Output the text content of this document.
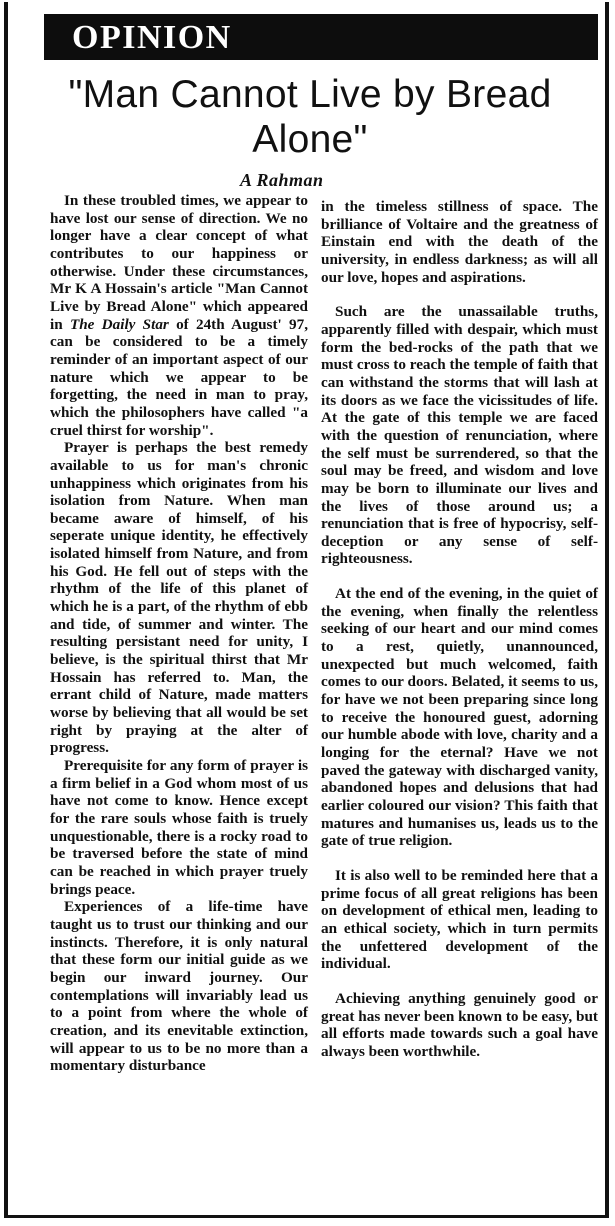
OPINION
"Man Cannot Live by Bread Alone"
A Rahman

In these troubled times, we appear to have lost our sense of direction. We no longer have a clear concept of what contributes to our happiness or otherwise. Under these circumstances, Mr K A Hossain's article "Man Cannot Live by Bread Alone" which appeared in The Daily Star of 24th August' 97, can be considered to be a timely reminder of an important aspect of our nature which we appear to be forgetting, the need in man to pray, which the philosophers have called "a cruel thirst for worship".

Prayer is perhaps the best remedy available to us for man's chronic unhappiness which originates from his isolation from Nature. When man became aware of himself, of his seperate unique identity, he effectively isolated himself from Nature, and from his God. He fell out of steps with the rhythm of the life of this planet of which he is a part, of the rhythm of ebb and tide, of summer and winter. The resulting persistant need for unity, I believe, is the spiritual thirst that Mr Hossain has referred to. Man, the errant child of Nature, made matters worse by believing that all would be set right by praying at the alter of progress.

Prerequisite for any form of prayer is a firm belief in a God whom most of us have not come to know. Hence except for the rare souls whose faith is truely unquestionable, there is a rocky road to be traversed before the state of mind can be reached in which prayer truely brings peace.

Experiences of a life-time have taught us to trust our thinking and our instincts. Therefore, it is only natural that these form our initial guide as we begin our inward journey. Our contemplations will invariably lead us to a point from where the whole of creation, and its enevitable extinction, will appear to us to be no more than a momentary disturbance

in the timeless stillness of space. The brilliance of Voltaire and the greatness of Einstain end with the death of the university, in endless darkness; as will all our love, hopes and aspirations.

Such are the unassailable truths, apparently filled with despair, which must form the bed-rocks of the path that we must cross to reach the temple of faith that can withstand the storms that will lash at its doors as we face the vicissitudes of life. At the gate of this temple we are faced with the question of renunciation, where the self must be surrendered, so that the soul may be freed, and wisdom and love may be born to illuminate our lives and the lives of those around us; a renunciation that is free of hypocrisy, self-deception or any sense of self-righteousness.

At the end of the evening, in the quiet of the evening, when finally the relentless seeking of our heart and our mind comes to a rest, quietly, unannounced, unexpected but much welcomed, faith comes to our doors. Belated, it seems to us, for have we not been preparing since long to receive the honoured guest, adorning our humble abode with love, charity and a longing for the eternal? Have we not paved the gateway with discharged vanity, abandoned hopes and delusions that had earlier coloured our vision? This faith that matures and humanises us, leads us to the gate of true religion.

It is also well to be reminded here that a prime focus of all great religions has been on development of ethical men, leading to an ethical society, which in turn permits the unfettered development of the individual.

Achieving anything genuinely good or great has never been known to be easy, but all efforts made towards such a goal have always been worthwhile.
